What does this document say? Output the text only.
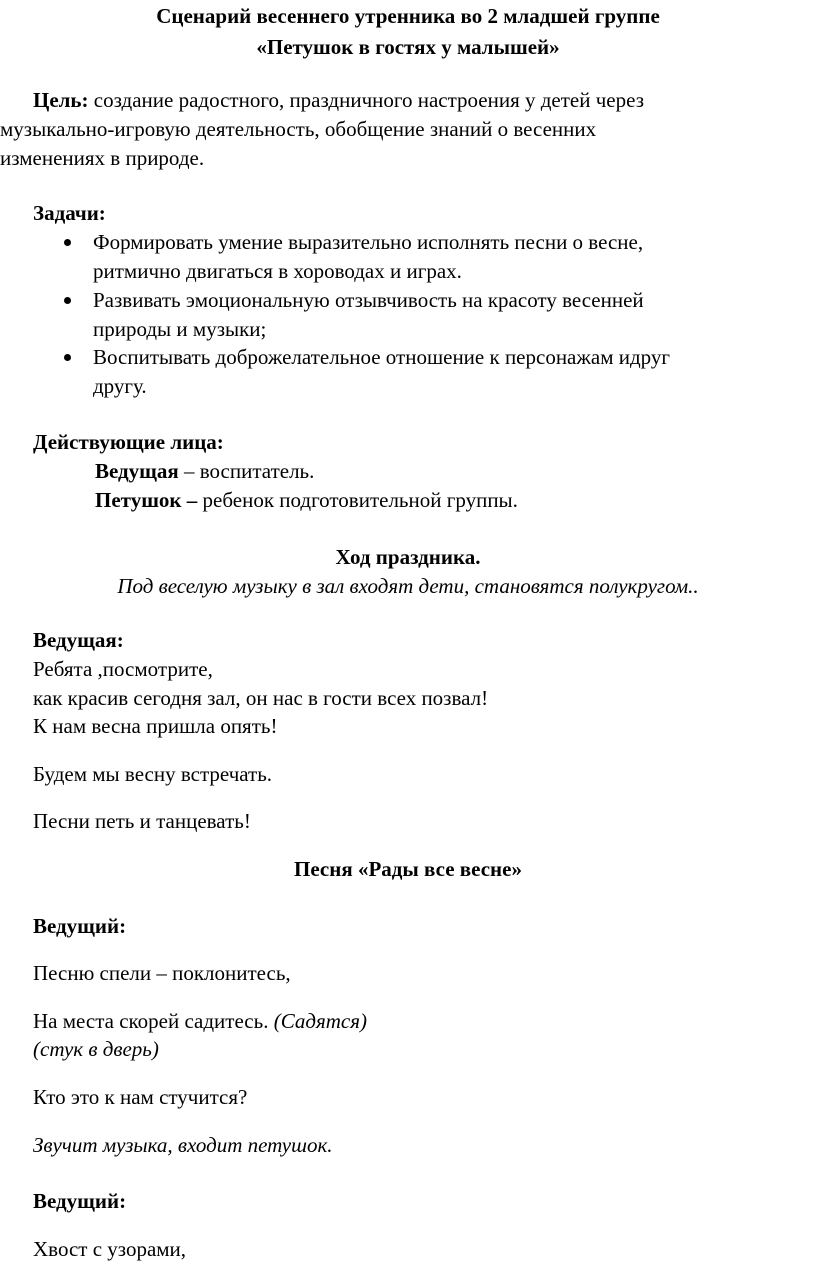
Сценарий весеннего утренника во 2 младшей группе
«Петушок в гостях у малышей»
Цель: создание радостного, праздничного настроения у детей через
музыкально-игровую деятельность, обобщение знаний о весенних
изменениях в природе.
Задачи:
Формировать умение выразительно исполнять песни о весне,
ритмично двигаться в хороводах и играх.
Развивать эмоциональную отзывчивость на красоту весенней
природы и музыки;
Воспитывать доброжелательное отношение к персонажам идруг
другу.
Действующие лица:
Ведущая – воспитатель.
Петушок – ребенок подготовительной группы.
Ход праздника.
Под веселую музыку в зал входят дети, становятся полукругом..
Ведущая:
Ребята ,посмотрите,
как красив сегодня зал, он нас в гости всех позвал!
К нам весна пришла опять!
Будем мы весну встречать.
Песни петь и танцевать!
Песня «Рады все весне»
Ведущий:
Песню спели – поклонитесь,
На места скорей садитесь. (Садятся)
(стук в дверь)
Кто это к нам стучится?
Звучит музыка, входит петушок.
Ведущий:
Хвост с узорами,
